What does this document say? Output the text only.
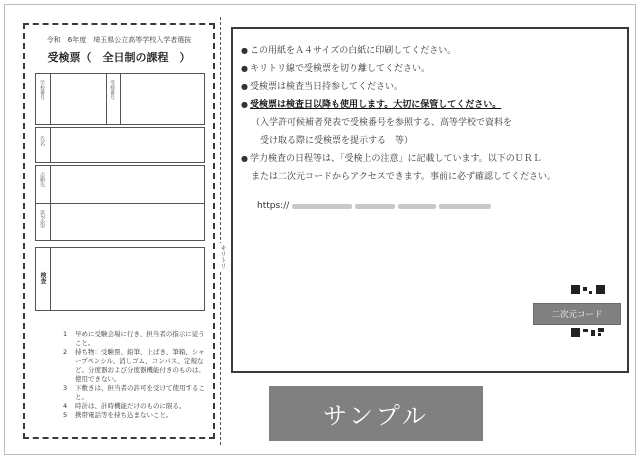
令和　6年度　埼玉県公立高等学校入学者選抜
受検票（　全日制の課程　）
学校番号	受検番号
氏名
志願先
第2志望
検査
1 早めに受験会場に行き、担当者の指示に従うこと。
2 持ち物：受験票、鉛筆、上ばき、筆箱、シャープペンシル、消しゴム、コンパス、定規など。分度器および分度器機能付きのものは、使用できない。
3 下敷きは、担当者の許可を受けて使用すること。
4 時計は、計時機能だけのものに限る。
5 携帯電話等を持ち込まないこと。
キリトリ
● この用紙をＡ４サイズの白紙に印刷してください。
● キリトリ線で受検票を切り離してください。
● 受検票は検査当日持参してください。
● 受検票は検査日以降も使用します。大切に保管してください。
（入学許可候補者発表で受検番号を参照する、高等学校で資料を
　受け取る際に受検票を提示する　等）
● 学力検査の日程等は、「受検上の注意」に記載しています。以下のＵＲＬ
または二次元コードからアクセスできます。事前に必ず確認してください。
https://
二次元コード
サンプル
